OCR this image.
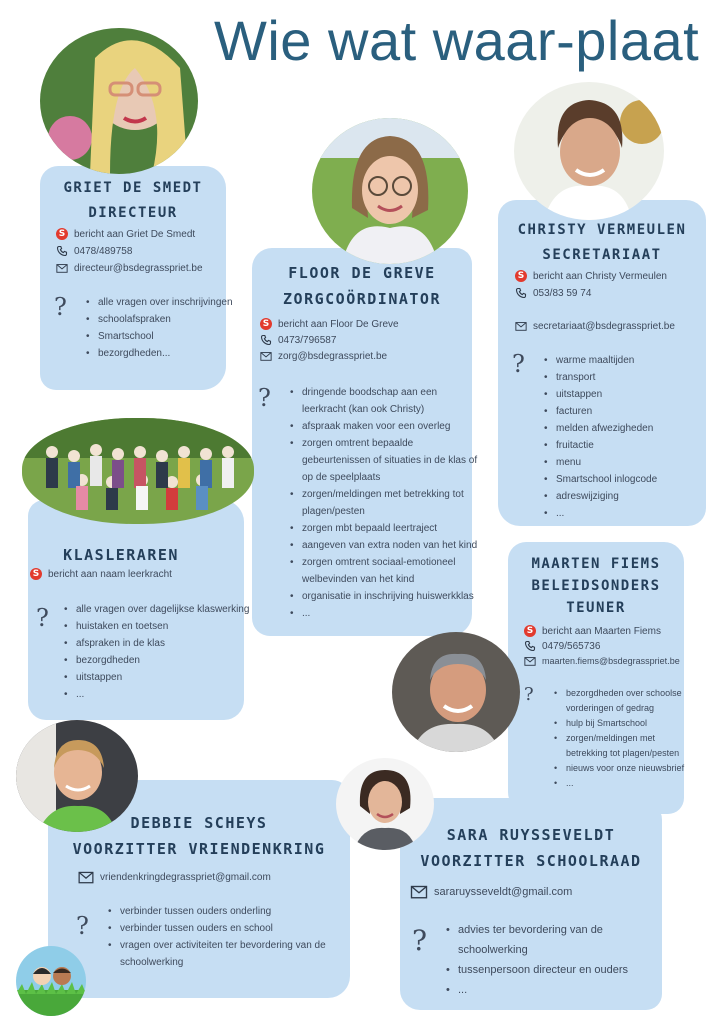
Wie wat waar-plaat
GRIET DE SMEDT
DIRECTEUR
S bericht aan Griet De Smedt
0478/489758
directeur@bsdegrasspriet.be
?	• alle vragen over inschrijvingen
• schoolafspraken
• Smartschool
• bezorgdheden...
FLOOR DE GREVE
ZORGCOÖRDINATOR
S bericht aan Floor De Greve
0473/796587
zorg@bsdegrasspriet.be
?	• dringende boodschap aan een leerkracht (kan ook Christy)
• afspraak maken voor een overleg
• zorgen omtrent bepaalde gebeurtenissen of situaties in de klas of op de speelplaats
• zorgen/meldingen met betrekking tot plagen/pesten
• zorgen mbt bepaald leertraject
• aangeven van extra noden van het kind
• zorgen omtrent sociaal-emotioneel welbevinden van het kind
• organisatie in inschrijving huiswerkklas
• ...
CHRISTY VERMEULEN
SECRETARIAAT
S bericht aan Christy Vermeulen
053/83 59 74
secretariaat@bsdegrasspriet.be
?	• warme maaltijden
• transport
• uitstappen
• facturen
• melden afwezigheden
• fruitactie
• menu
• Smartschool inlogcode
• adreswijziging
• ...
KLASLERAREN
S bericht aan naam leerkracht
?	• alle vragen over dagelijkse klaswerking
• huistaken en toetsen
• afspraken in de klas
• bezorgdheden
• uitstappen
• ...
MAARTEN FIEMS
BELEIDSONDERS
TEUNER
S bericht aan Maarten Fiems
0479/565736
maarten.fiems@bsdegrasspriet.be
?	• bezorgdheden over schoolse vorderingen of gedrag
• hulp bij Smartschool
• zorgen/meldingen met betrekking tot plagen/pesten
• nieuws voor onze nieuwsbrief
• ...
DEBBIE SCHEYS
VOORZITTER VRIENDENKRING
vriendenkringdegrasspriet@gmail.com
?
• verbinder tussen ouders onderling
• verbinder tussen ouders en school
• vragen over activiteiten ter bevordering van de schoolwerking
SARA RUYSSEVELDT
VOORZITTER SCHOOLRAAD
sararuysseveldt@gmail.com
?	• advies ter bevordering van de schoolwerking
• tussenpersoon directeur en ouders
• ...
